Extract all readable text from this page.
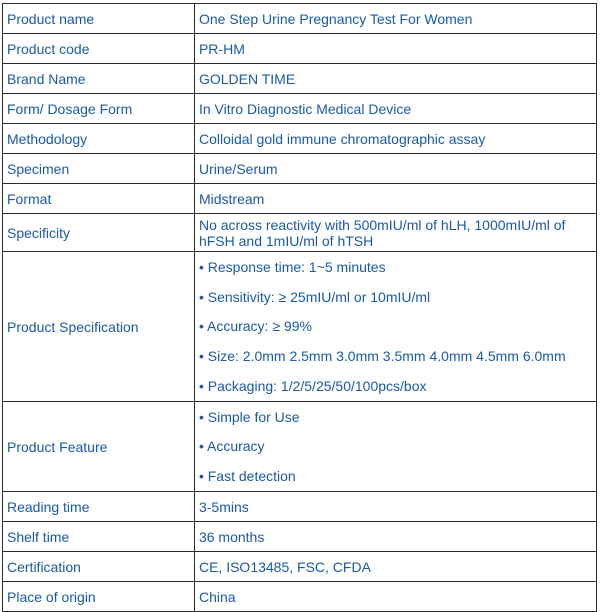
Product name	One Step Urine Pregnancy Test For Women
Product code	PR-HM
Brand Name	GOLDEN TIME
Form/ Dosage Form	In Vitro Diagnostic Medical Device
Methodology	Colloidal gold immune chromatographic assay
Specimen	Urine/Serum
Format	Midstream
Specificity	No across reactivity with 500mIU/ml of hLH, 1000mIU/ml of
hFSH and 1mIU/ml of hTSH

Product Specification	• Response time: 1~5 minutes
• Sensitivity: ≥ 25mIU/ml or 10mIU/ml
• Accuracy: ≥ 99%
• Size: 2.0mm 2.5mm 3.0mm 3.5mm 4.0mm 4.5mm 6.0mm
• Packaging: 1/2/5/25/50/100pcs/box

Product Feature	• Simple for Use
• Accuracy
• Fast detection

Reading time	3-5mins
Shelf time	36 months
Certification	CE, ISO13485, FSC, CFDA
Place of origin	China
